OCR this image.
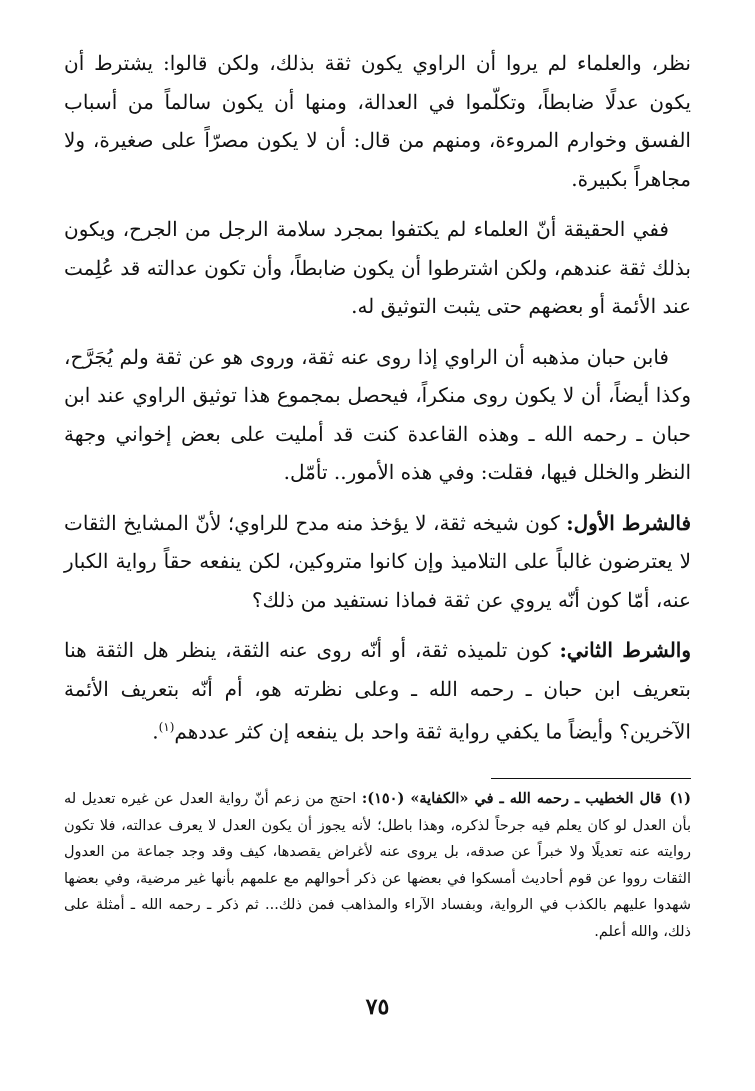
نظر، والعلماء لم يروا أن الراوي يكون ثقة بذلك، ولكن قالوا: يشترط أن يكون عدلًا ضابطاً، وتكلّموا في العدالة، ومنها أن يكون سالماً من أسباب الفسق وخوارم المروءة، ومنهم من قال: أن لا يكون مصرّاً على صغيرة، ولا مجاهراً بكبيرة.

ففي الحقيقة أنّ العلماء لم يكتفوا بمجرد سلامة الرجل من الجرح، ويكون بذلك ثقة عندهم، ولكن اشترطوا أن يكون ضابطاً، وأن تكون عدالته قد عُلِمت عند الأئمة أو بعضهم حتى يثبت التوثيق له.

فابن حبان مذهبه أن الراوي إذا روى عنه ثقة، وروى هو عن ثقة ولم يُجَرَّح، وكذا أيضاً، أن لا يكون روى منكراً، فيحصل بمجموع هذا توثيق الراوي عند ابن حبان ـ رحمه الله ـ وهذه القاعدة كنت قد أمليت على بعض إخواني وجهة النظر والخلل فيها، فقلت: وفي هذه الأمور.. تأمّل.

فالشرط الأول: كون شيخه ثقة، لا يؤخذ منه مدح للراوي؛ لأنّ المشايخ الثقات لا يعترضون غالباً على التلاميذ وإن كانوا متروكين، لكن ينفعه حقاً رواية الكبار عنه، أمّا كون أنّه يروي عن ثقة فماذا نستفيد من ذلك؟

والشرط الثاني: كون تلميذه ثقة، أو أنّه روى عنه الثقة، ينظر هل الثقة هنا بتعريف ابن حبان ـ رحمه الله ـ وعلى نظرته هو، أم أنّه بتعريف الأئمة الآخرين؟ وأيضاً ما يكفي رواية ثقة واحد بل ينفعه إن كثر عددهم$^{(١)}$.

(١)قال الخطيب ـ رحمه الله ـ في «الكفاية» (١٥٠): احتج من زعم أنّ رواية العدل عن غيره تعديل له بأن العدل لو كان يعلم فيه جرحاً لذكره، وهذا باطل؛ لأنه يجوز أن يكون العدل لا يعرف عدالته، فلا تكون روايته عنه تعديلًا ولا خبراً عن صدقه، بل يروى عنه لأغراض يقصدها، كيف وقد وجد جماعة من العدول الثقات رووا عن قوم أحاديث أمسكوا في بعضها عن ذكر أحوالهم مع علمهم بأنها غير مرضية، وفي بعضها شهدوا عليهم بالكذب في الرواية، وبفساد الآراء والمذاهب فمن ذلك... ثم ذكر ـ رحمه الله ـ أمثلة على ذلك، والله أعلم.
٧٥
